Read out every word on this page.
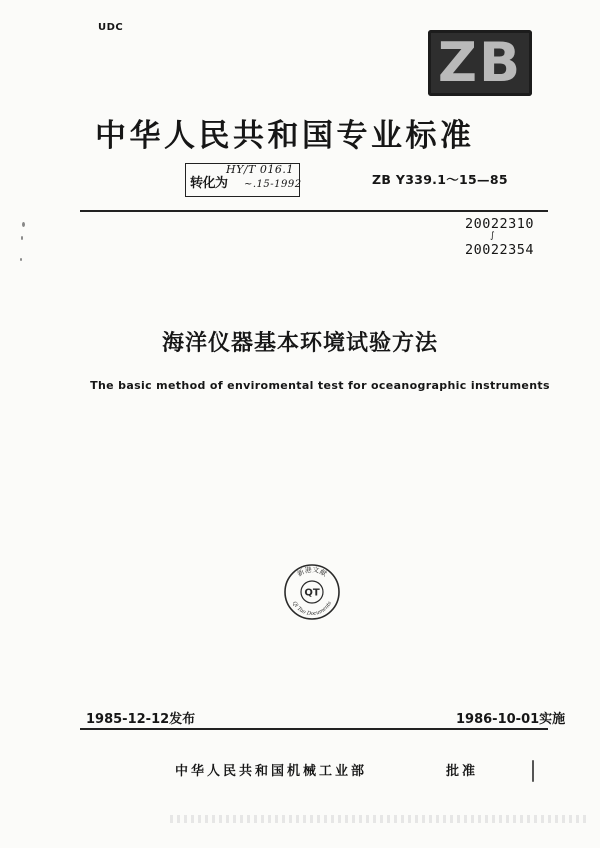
UDC
ZB
中华人民共和国专业标准
转化为
HY/T 016.1
~.15-1992	ZB Y339.1～15—85
20022310
∫
20022354
海洋仪器基本环境试验方法
The basic method of enviromental test for oceanographic instruments
新港文献
Qi Tao Documents
QT
1985-12-12发布	1986-10-01实施
中华人民共和国机械工业部	批准
